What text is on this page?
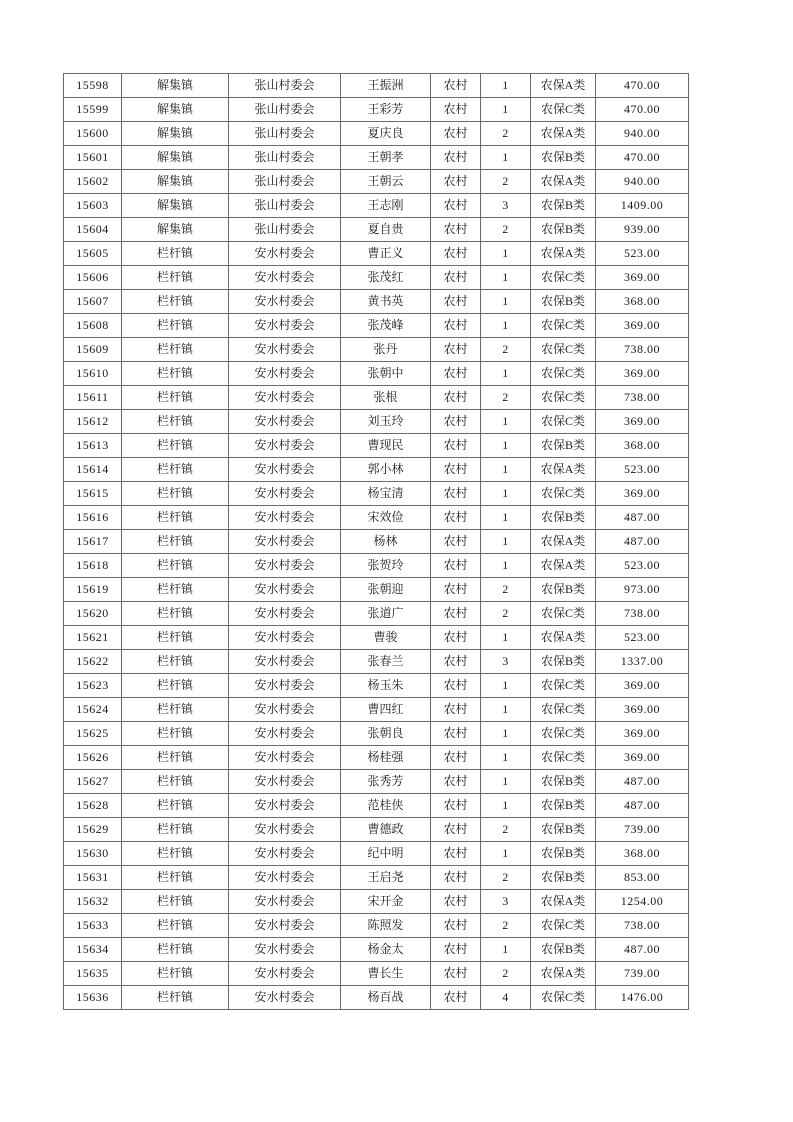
15598	解集镇	张山村委会	王振洲	农村	1	农保A类	470.00
15599	解集镇	张山村委会	王彩芳	农村	1	农保C类	470.00
15600	解集镇	张山村委会	夏庆良	农村	2	农保A类	940.00
15601	解集镇	张山村委会	王朝孝	农村	1	农保B类	470.00
15602	解集镇	张山村委会	王朝云	农村	2	农保A类	940.00
15603	解集镇	张山村委会	王志刚	农村	3	农保B类	1409.00
15604	解集镇	张山村委会	夏自贵	农村	2	农保B类	939.00
15605	栏杆镇	安水村委会	曹正义	农村	1	农保A类	523.00
15606	栏杆镇	安水村委会	张茂红	农村	1	农保C类	369.00
15607	栏杆镇	安水村委会	黄书英	农村	1	农保B类	368.00
15608	栏杆镇	安水村委会	张茂峰	农村	1	农保C类	369.00
15609	栏杆镇	安水村委会	张丹	农村	2	农保C类	738.00
15610	栏杆镇	安水村委会	张朝中	农村	1	农保C类	369.00
15611	栏杆镇	安水村委会	张根	农村	2	农保C类	738.00
15612	栏杆镇	安水村委会	刘玉玲	农村	1	农保C类	369.00
15613	栏杆镇	安水村委会	曹现民	农村	1	农保B类	368.00
15614	栏杆镇	安水村委会	郭小林	农村	1	农保A类	523.00
15615	栏杆镇	安水村委会	杨宝清	农村	1	农保C类	369.00
15616	栏杆镇	安水村委会	宋效俭	农村	1	农保B类	487.00
15617	栏杆镇	安水村委会	杨林	农村	1	农保A类	487.00
15618	栏杆镇	安水村委会	张贺玲	农村	1	农保A类	523.00
15619	栏杆镇	安水村委会	张朝迎	农村	2	农保B类	973.00
15620	栏杆镇	安水村委会	张道广	农村	2	农保C类	738.00
15621	栏杆镇	安水村委会	曹骏	农村	1	农保A类	523.00
15622	栏杆镇	安水村委会	张春兰	农村	3	农保B类	1337.00
15623	栏杆镇	安水村委会	杨玉朱	农村	1	农保C类	369.00
15624	栏杆镇	安水村委会	曹四红	农村	1	农保C类	369.00
15625	栏杆镇	安水村委会	张朝良	农村	1	农保C类	369.00
15626	栏杆镇	安水村委会	杨桂强	农村	1	农保C类	369.00
15627	栏杆镇	安水村委会	张秀芳	农村	1	农保B类	487.00
15628	栏杆镇	安水村委会	范桂侠	农村	1	农保B类	487.00
15629	栏杆镇	安水村委会	曹德政	农村	2	农保B类	739.00
15630	栏杆镇	安水村委会	纪中明	农村	1	农保B类	368.00
15631	栏杆镇	安水村委会	王启尧	农村	2	农保B类	853.00
15632	栏杆镇	安水村委会	宋开金	农村	3	农保A类	1254.00
15633	栏杆镇	安水村委会	陈照发	农村	2	农保C类	738.00
15634	栏杆镇	安水村委会	杨金太	农村	1	农保B类	487.00
15635	栏杆镇	安水村委会	曹长生	农村	2	农保A类	739.00
15636	栏杆镇	安水村委会	杨百战	农村	4	农保C类	1476.00
